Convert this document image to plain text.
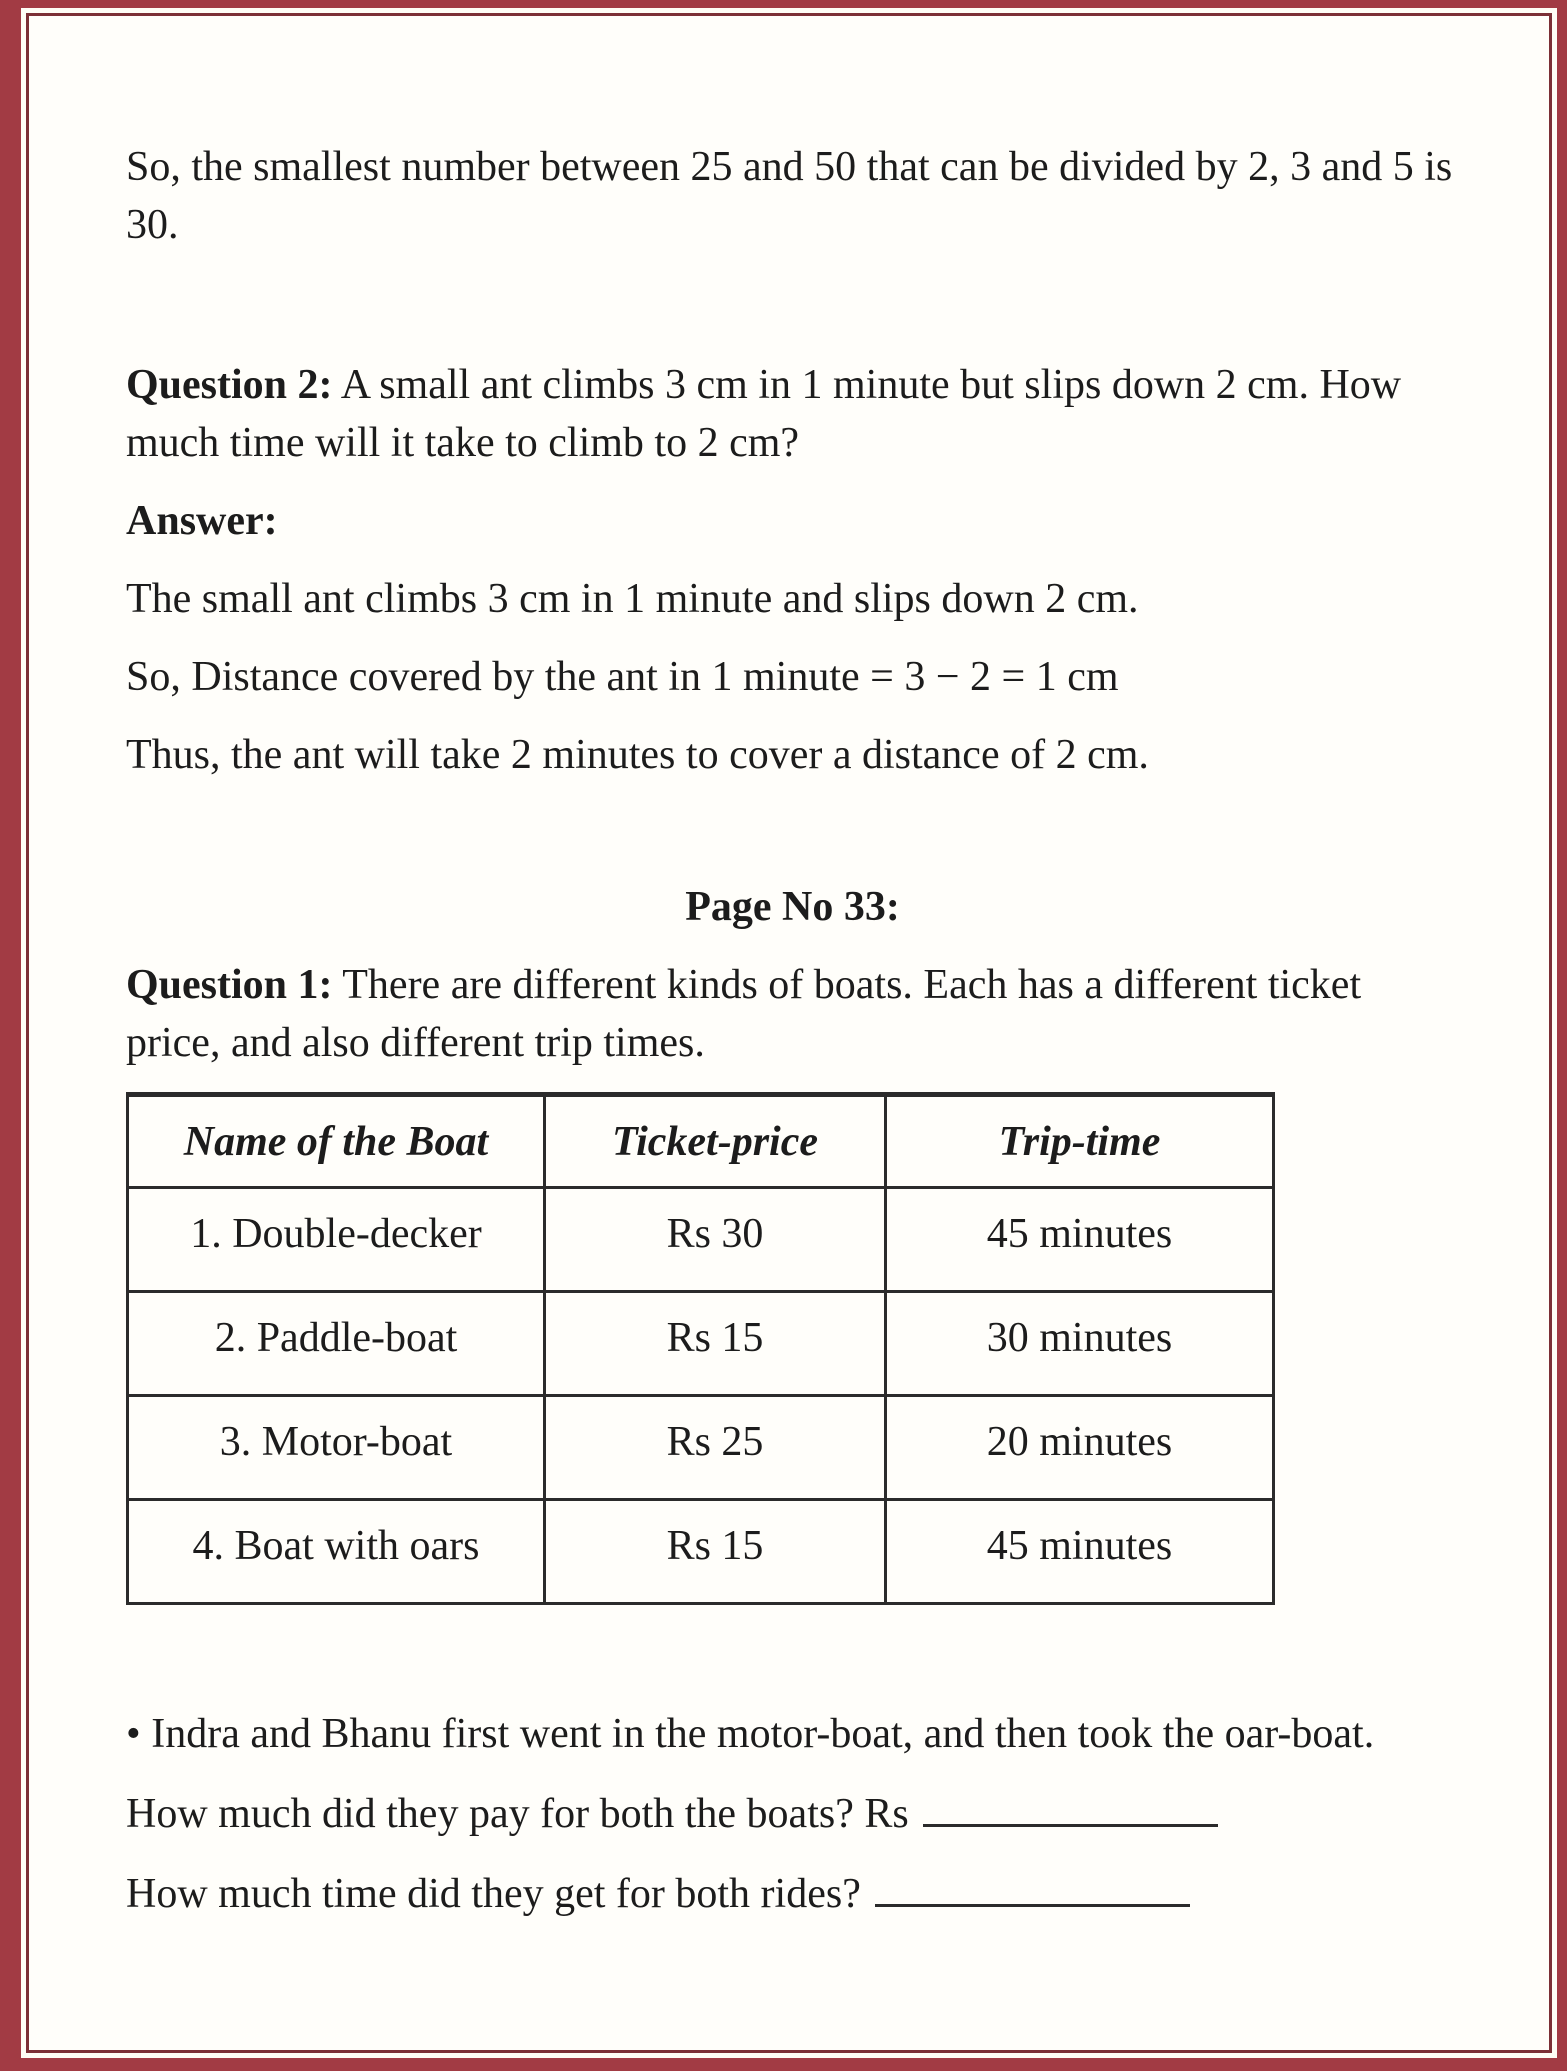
So, the smallest number between 25 and 50 that can be divided by 2, 3 and 5 is 30.

Question 2: A small ant climbs 3 cm in 1 minute but slips down 2 cm. How much time will it take to climb to 2 cm?

Answer:

The small ant climbs 3 cm in 1 minute and slips down 2 cm.

So, Distance covered by the ant in 1 minute = 3 − 2 = 1 cm

Thus, the ant will take 2 minutes to cover a distance of 2 cm.

Page No 33:

Question 1: There are different kinds of boats. Each has a different ticket price, and also different trip times.

Name of the Boat	Ticket-price	Trip-time
1. Double-decker	Rs 30	45 minutes
2. Paddle-boat	Rs 15	30 minutes
3. Motor-boat	Rs 25	20 minutes
4. Boat with oars	Rs 15	45 minutes

• Indra and Bhanu first went in the motor-boat, and then took the oar-boat.

How much did they pay for both the boats? Rs

How much time did they get for both rides?
